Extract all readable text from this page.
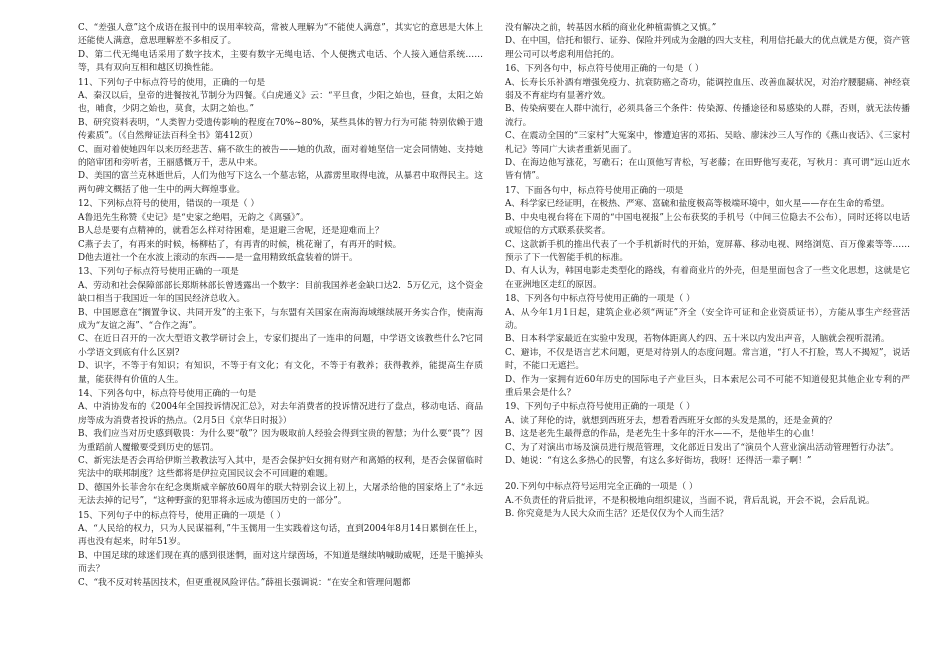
C、“差强人意”这个成语在报刊中的误用率较高，常被人理解为“不能使人满意”，其实它的意思是大体上还能使人满意，意思理解差不多相反了。

D、第二代无绳电话采用了数字技术，主要有数字无绳电话、个人便携式电话、个人接入通信系统……等，具有双向互相和越区切换性能。

11、下列句子中标点符号的使用，正确的一句是

A、秦汉以后，皇帝的进餐按礼节制分为四餐。《白虎通义》云：“平旦食，少阳之始也，昼食，太阳之始也，晡食，少阴之始也，莫食，太阴之始也。”

B、研究资料表明，“人类智力受遗传影响的程度在70%~80%，某些具体的智力行为可能 特别依赖于遗传素质”。（《自然辩证法百科全书》第412页）

C、面对着使她四年以来历经悲苦、痛不欲生的被告——她的仇敌，面对着她坚信一定会同情她、支持她的陪审团和旁听者，王丽感慨万千，悲从中来。

D、美国的富兰克林逝世后，人们为他写下这么一个墓志铭，从霹雳里取得电流，从暴君中取得民主。这两句碑文概括了他一生中的两大辉煌事业。

12、下列标点符号的使用，错误的一项是（ ）

A鲁迅先生称赞《史记》是“史家之绝唱，无韵之《离骚》”。

B人总是要有点精神的，就看怎么样对待困难，是退避三舍呢，还是迎难而上？

C燕子去了，有再来的时候，杨柳枯了，有再青的时候，桃花谢了，有再开的时候。

D他去道社一个在水波上滚动的东西——是一盒用精致纸盒装着的饼干。

13、下列句子标点符号使用正确的一项是

A、劳动和社会保障部部长郑斯林部长曾透露出一个数字：目前我国养老金缺口达2．5万亿元，这个资金缺口相当于我国近一年的国民经济总收入。

B、中国愿意在“搁置争议、共同开发”的主张下，与东盟有关国家在南海海域继续展开务实合作，使南海成为“友谊之海”、“合作之海”。

C、在近日召开的一次大型语文教学研讨会上，专家们提出了一连串的问题，中学语文该教些什么?它同小学语文到底有什么区别?

D、识字，不等于有知识；有知识，不等于有文化；有文化，不等于有教养；获得教养，能提高生存质量，能获得有价值的人生。

14、下列各句中，标点符号使用正确的一句是

A、中消协发布的《2004年全国投诉情况汇总》，对去年消费者的投诉情况进行了盘点，移动电话、商品房等成为消费者投诉的热点。（2月5日《京华日时报》）

B、我们应当对历史感到敬畏：为什么要“敬”？因为吸取前人经验会得到宝贵的智慧；为什么要“畏”？因为重蹈前人覆辙要受到历史的惩罚。

C、新宪法是否会再给伊斯兰教教法写入其中，是否会保护妇女拥有财产和离婚的权利，是否会保留临时宪法中的联邦制度？这些都将是伊拉克国民议会不可回避的难题。

D、德国外长菲舍尔在纪念奥斯威辛解放60周年的联大特别会议上初上，大屠杀给他的国家烙上了“永远无法去掉的记号”，“这种野蛮的犯罪将永远成为德国历史的一部分”。

15、下列句子中的标点符号，使用正确的一项是（ ）

A、“人民给的权力，只为人民谋福利，”牛玉儒用一生实践着这句话，直到2004年8月14日累倒在任上，再也没有起来，时年51岁。

B、中国足球的球迷们现在真的感到很迷惘，面对这片绿茵场，不知道是继续呐喊助威呢，还是干脆掉头而去？

C、“我不反对转基因技术，但更重视风险评估。”薛祖长强调说：“在安全和管理问题都

没有解决之前，转基因水稻的商业化种植需慎之又慎。”

D、在中国，信托和银行、证券、保险并列成为金融的四大支柱，利用信托最大的优点就是方便，资产管理公司可以考虑利用信托的。

16、下列各句中，标点符号使用正确的一句是（ ）

A、长寿长乐补酒有增强免疫力、抗衰防癌之奇功，能调控血压、改善血凝状况，对治疗腰腿痛、神经衰弱及不育症均有显著疗效。

B、传染病要在人群中流行，必须具备三个条件：传染源、传播途径和易感染的人群，否则，就无法传播流行。

C、在震动全国的“三家村”大冤案中，惨遭迫害的邓拓、吴晗、廖沫沙三人写作的《燕山夜话》、《三家村札记》等同广大读者重新见面了。

D、在海边他写涨花，写礁石；在山顶他写青松，写老藤；在田野他写麦花，写秋月：真可谓“远山近水皆有情”。

17、下面各句中，标点符号使用正确的一项是

A、科学家已经证明，在极热、严寒、富硫和盐度极高等极端环境中，如火星——存在生命的希望。

B、中央电视台将在下周的“中国电视报”上公布获奖的手机号（中间三位隐去不公布），同时还将以电话或短信的方式联系获奖者。

C、这款新手机的推出代表了一个手机新时代的开始，宽屏幕、移动电视、网络浏览、百万像素等等……预示了下一代智能手机的标准。

D、有人认为，韩国电影走类型化的路线，有着商业片的外壳，但是里面包含了一些文化思想，这就是它在亚洲地区走红的原因。

18、下列各句中标点符号使用正确的一项是（ ）

A、从今年1月1日起，建筑企业必须“两证”齐全（安全许可证和企业资质证书），方能从事生产经营活动。

B、日本科学家最近在实验中发现，若物体距离人约四、五十米以内发出声音，人脑就会视听混淆。

C、避讳，不仅是语言艺术问题，更是对待别人的态度问题。常言道，“打人不打脸，骂人不揭短”，说话时，不能口无遮拦。

D、作为一家拥有近60年历史的国际电子产业巨头，日本索尼公司不可能不知道侵犯其他企业专利的严重后果会是什么？

19、下列句子中标点符号使用正确的一项是（ ）

A、读了拜伦的诗，就想到西班牙去，想看看西班牙女郎的头发是黑的，还是金黄的？

B、这是老先生最得意的作品，是老先生十多年的汗水——不，是他毕生的心血！

C、为了对演出市场及演员进行规范管理，文化部近日发出了“演员个人营业演出活动管理暂行办法”。

D、她说：“有这么多热心的民警，有这么多好街坊，我呀！还得活一辈子啊！”

20.下列句中标点符号运用完全正确的一项是（ ）

A.不负责任的背后批评，不是积极地向组织建议，当面不说，背后乱说，开会不说，会后乱说。

B. 你究竟是为人民大众而生活？还是仅仅为个人而生活？
